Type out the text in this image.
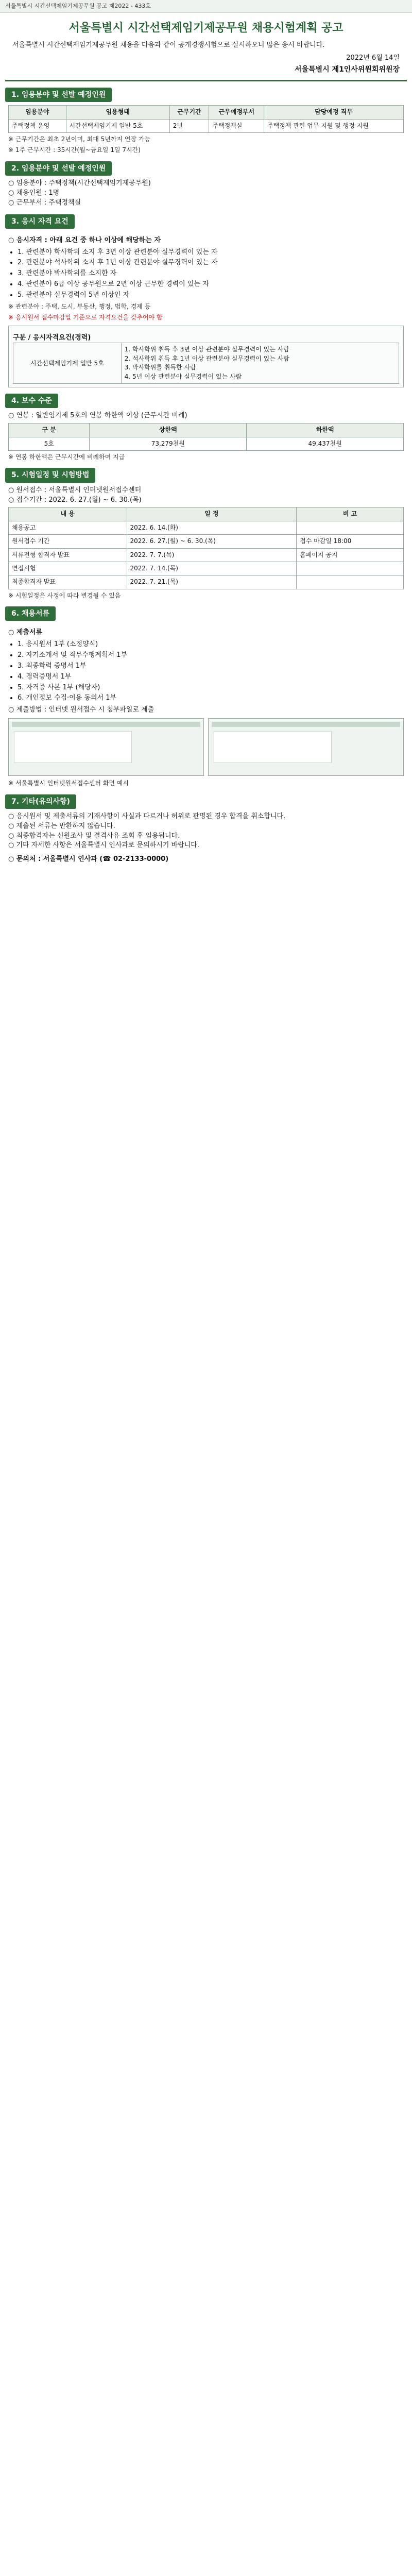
서울특별시 시간선택제임기제공무원 공고 제2022 - 433호
서울특별시 시간선택제임기제공무원 채용시험계획 공고
서울특별시 시간선택제임기제공무원 채용을 다음과 같이 공개경쟁시험으로 실시하오니 많은 응시 바랍니다.
2022년 6월 14일
서울특별시 제1인사위원회위원장
1. 임용분야 및 선발 예정인원
임용분야	임용형태	근무기간	근무예정부서	담당예정 직무
주택정책 운영	시간선택제임기제 일반 5호	2년	주택정책실	주택정책 관련 업무 지원 및 행정 지원
※ 근무기간은 최초 2년이며, 최대 5년까지 연장 가능
※ 1주 근무시간 : 35시간(월~금요일 1일 7시간)
2. 임용분야 및 선발 예정인원
○ 임용분야 : 주택정책(시간선택제임기제공무원)
○ 채용인원 : 1명
○ 근무부서 : 주택정책실
3. 응시 자격 요건
○ 응시자격 : 아래 요건 중 하나 이상에 해당하는 자
• 1. 관련분야 학사학위 소지 후 3년 이상 관련분야 실무경력이 있는 자
• 2. 관련분야 석사학위 소지 후 1년 이상 관련분야 실무경력이 있는 자
• 3. 관련분야 박사학위를 소지한 자
• 4. 관련분야 6급 이상 공무원으로 2년 이상 근무한 경력이 있는 자
• 5. 관련분야 실무경력이 5년 이상인 자
※ 관련분야 : 주택, 도시, 부동산, 행정, 법학, 경제 등
※ 응시원서 접수마감일 기준으로 자격요건을 갖추어야 함
구분 / 응시자격요건(경력)
시간선택제임기제 일반 5호	
1. 학사학위 취득 후 3년 이상 관련분야 실무경력이 있는 사람
2. 석사학위 취득 후 1년 이상 관련분야 실무경력이 있는 사람
3. 박사학위를 취득한 사람
4. 5년 이상 관련분야 실무경력이 있는 사람
4. 보수 수준
○ 연봉 : 일반임기제 5호의 연봉 하한액 이상 (근무시간 비례)
구 분	상한액	하한액
5호	73,279천원	49,437천원
※ 연봉 하한액은 근무시간에 비례하여 지급
5. 시험일정 및 시험방법
○ 원서접수 : 서울특별시 인터넷원서접수센터
○ 접수기간 : 2022. 6. 27.(월) ~ 6. 30.(목)
내 용	일 정	비 고
채용공고	2022. 6. 14.(화)	
원서접수 기간	2022. 6. 27.(월) ~ 6. 30.(목)	접수 마감일 18:00
서류전형 합격자 발표	2022. 7. 7.(목)	홈페이지 공지
면접시험	2022. 7. 14.(목)	
최종합격자 발표	2022. 7. 21.(목)	
※ 시험일정은 사정에 따라 변경될 수 있음
6. 채용서류
○ 제출서류
• 1. 응시원서 1부 (소정양식)
• 2. 자기소개서 및 직무수행계획서 1부
• 3. 최종학력 증명서 1부
• 4. 경력증명서 1부
• 5. 자격증 사본 1부 (해당자)
• 6. 개인정보 수집·이용 동의서 1부
○ 제출방법 : 인터넷 원서접수 시 첨부파일로 제출
※ 서울특별시 인터넷원서접수센터 화면 예시
7. 기타(유의사항)
○ 응시원서 및 제출서류의 기재사항이 사실과 다르거나 허위로 판명된 경우 합격을 취소합니다.
○ 제출된 서류는 반환하지 않습니다.
○ 최종합격자는 신원조사 및 결격사유 조회 후 임용됩니다.
○ 기타 자세한 사항은 서울특별시 인사과로 문의하시기 바랍니다.
○ 문의처 : 서울특별시 인사과 (☎ 02-2133-0000)
